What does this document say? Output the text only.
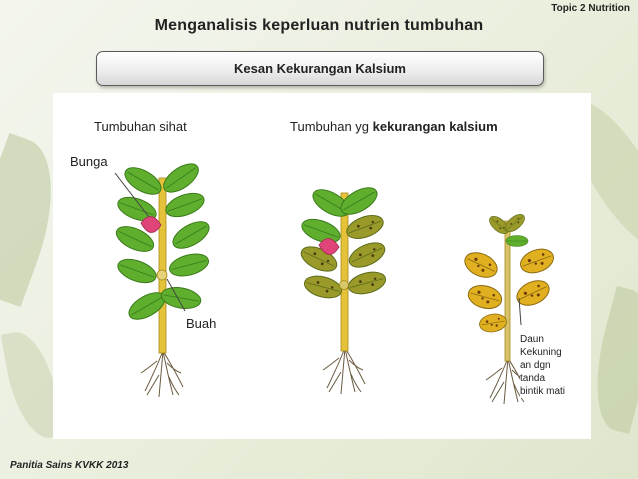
Topic 2 Nutrition
Menganalisis keperluan nutrien tumbuhan
Kesan Kekurangan Kalsium
Tumbuhan sihat	Tumbuhan yg kekurangan kalsium
Bunga
Buah
Daun
Kekuning
an dgn
tanda
bintik mati
Panitia Sains KVKK 2013
